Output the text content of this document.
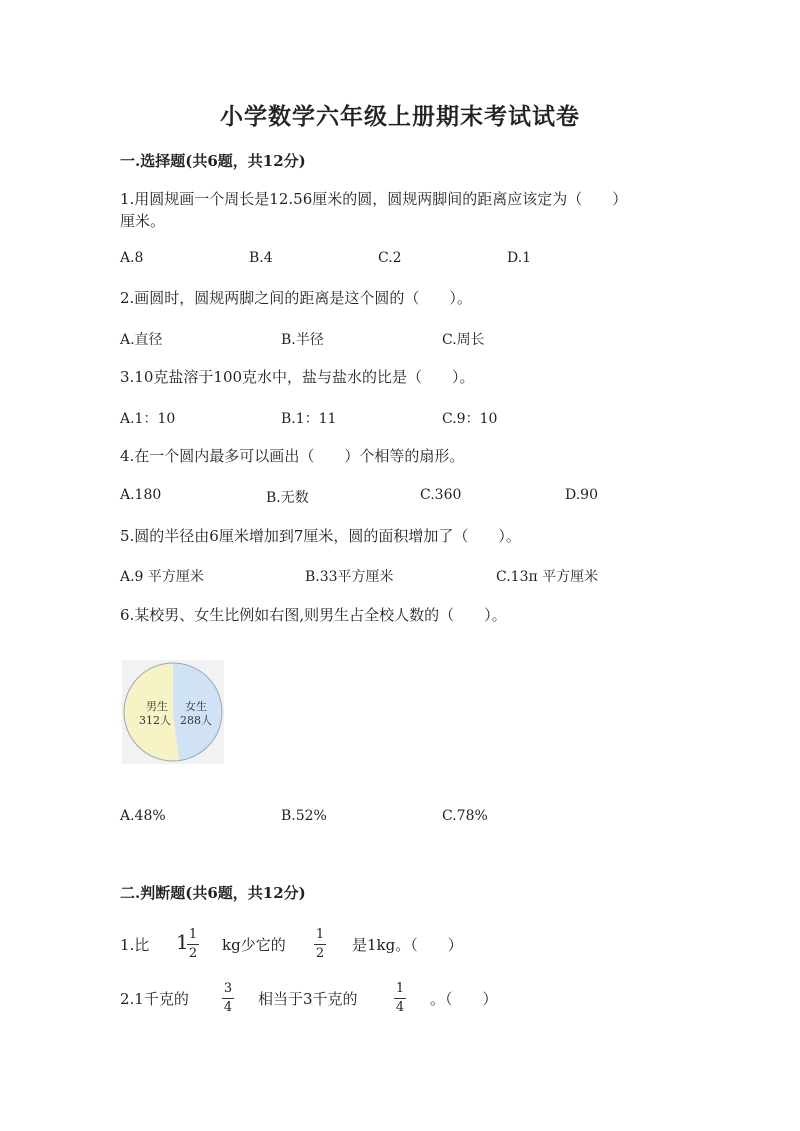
小学数学六年级上册期末考试试卷
一.选择题(共6题，共12分)
1.用圆规画一个周长是12.56厘米的圆，圆规两脚间的距离应该定为（　　）
厘米。
A.8	B.4	C.2	D.1
2.画圆时，圆规两脚之间的距离是这个圆的（　　）。
A.直径	B.半径	C.周长
3.10克盐溶于100克水中，盐与盐水的比是（　　）。
A.1：10	B.1：11	C.9：10
4.在一个圆内最多可以画出（　　）个相等的扇形。
A.180	B.无数	C.360	D.90
5.圆的半径由6厘米增加到7厘米，圆的面积增加了（　　）。
A.9 平方厘米	B.33平方厘米	C.13π 平方厘米
6.某校男、女生比例如右图,则男生占全校人数的（　　）。
男生
312人
女生
288人
A.48%	B.52%	C.78%
二.判断题(共6题，共12分)
1.比 1 1
2 kg少它的
1
2 是1kg。（　　）
2.1千克的
3
4 相当于3千克的
1
4 。（　　）
